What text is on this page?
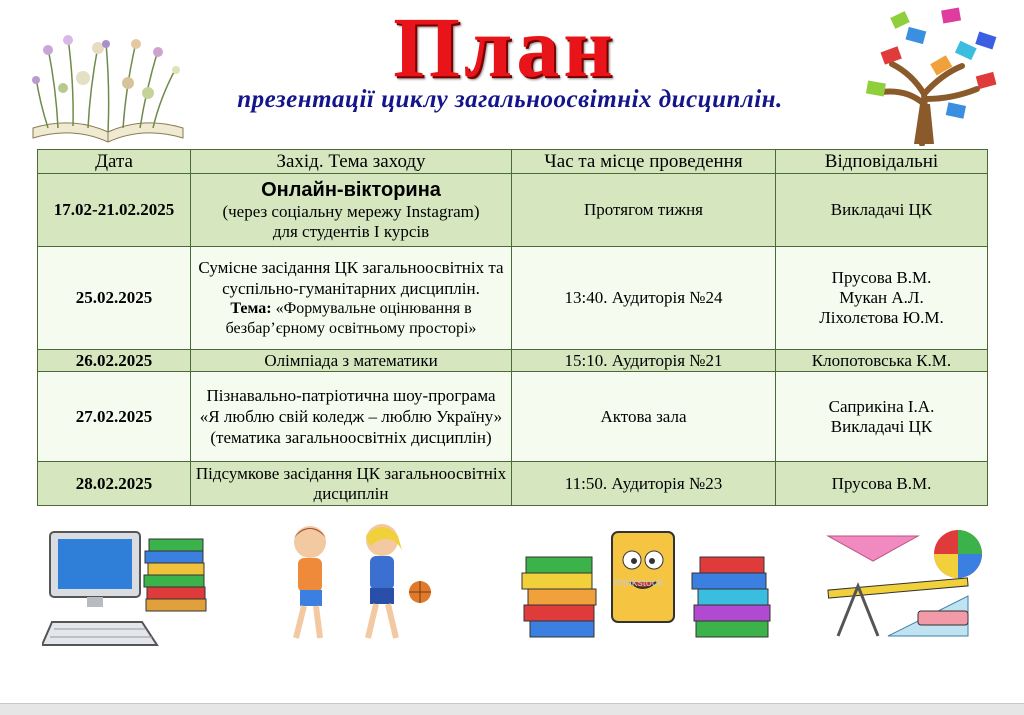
План
презентації циклу загальноосвітніх дисциплін.
Дата	Захід. Тема заходу	Час та місце проведення	Відповідальні
17.02-21.02.2025	Онлайн-вікторина
(через соціальну мережу Instagram)
для студентів І курсів	Протягом тижня	Викладачі ЦК

25.02.2025	Сумісне засідання ЦК загальноосвітніх та суспільно-гуманітарних дисциплін.
Тема: «Формувальне оцінювання в безбар’єрному освітньому просторі»	13:40. Аудиторія №24	Прусова В.М.
Мукан А.Л.
Ліхолєтова Ю.М.

26.02.2025	Олімпіада з математики	15:10. Аудиторія №21	Клопотовська К.М.
27.02.2025	Пізнавально-патріотична шоу-програма «Я люблю свій коледж – люблю Україну» (тематика загальноосвітніх дисциплін)	Актова зала	Саприкіна І.А.
Викладачі ЦК

28.02.2025	Підсумкове засідання ЦК загальноосвітніх дисциплін	11:50. Аудиторія №23	Прусова В.М.
thinkstock
